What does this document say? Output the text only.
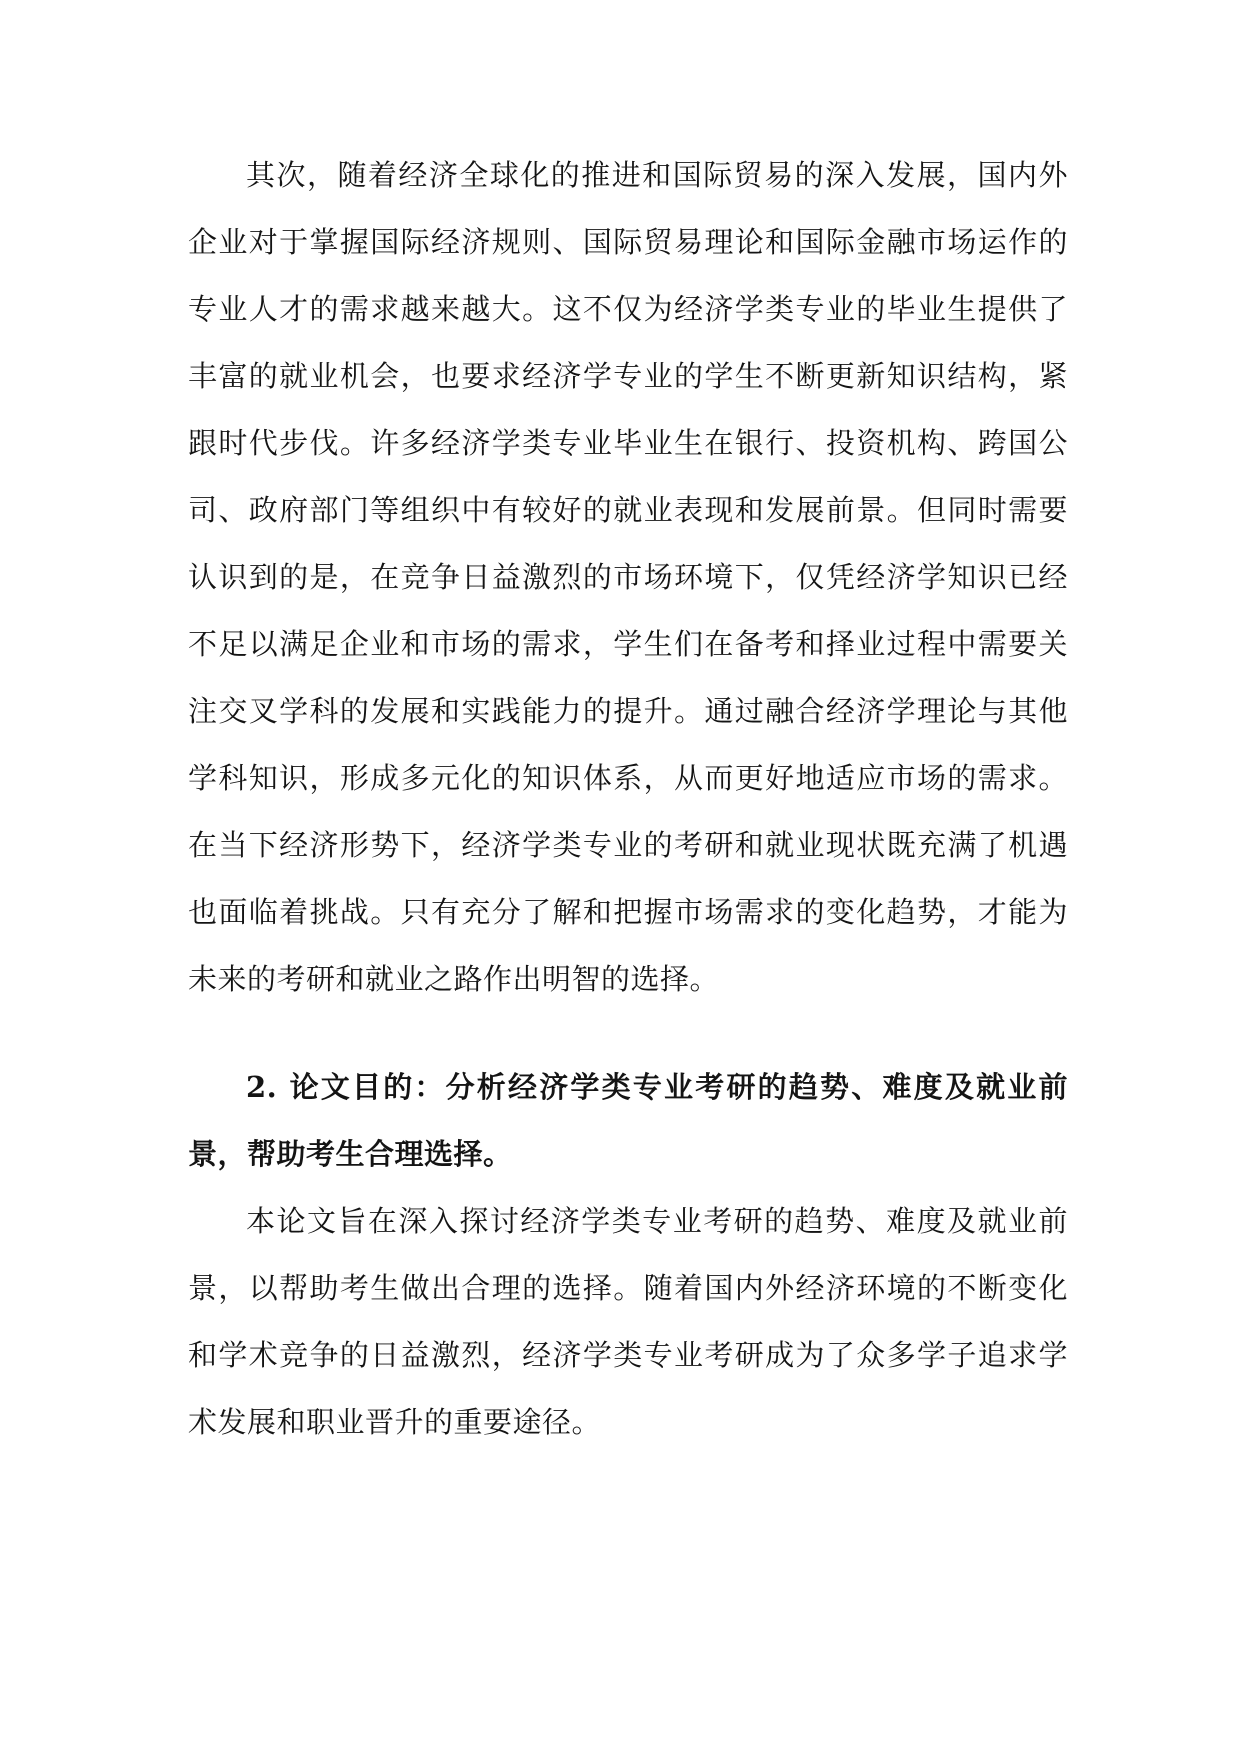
其次，随着经济全球化的推进和国际贸易的深入发展，国内外企业对于掌握国际经济规则、国际贸易理论和国际金融市场运作的专业人才的需求越来越大。这不仅为经济学类专业的毕业生提供了丰富的就业机会，也要求经济学专业的学生不断更新知识结构，紧跟时代步伐。许多经济学类专业毕业生在银行、投资机构、跨国公司、政府部门等组织中有较好的就业表现和发展前景。但同时需要认识到的是，在竞争日益激烈的市场环境下，仅凭经济学知识已经不足以满足企业和市场的需求，学生们在备考和择业过程中需要关注交叉学科的发展和实践能力的提升。通过融合经济学理论与其他学科知识，形成多元化的知识体系，从而更好地适应市场的需求。在当下经济形势下，经济学类专业的考研和就业现状既充满了机遇也面临着挑战。只有充分了解和把握市场需求的变化趋势，才能为未来的考研和就业之路作出明智的选择。

2. 论文目的：分析经济学类专业考研的趋势、难度及就业前景，帮助考生合理选择。

本论文旨在深入探讨经济学类专业考研的趋势、难度及就业前景，以帮助考生做出合理的选择。随着国内外经济环境的不断变化和学术竞争的日益激烈，经济学类专业考研成为了众多学子追求学术发展和职业晋升的重要途径。
